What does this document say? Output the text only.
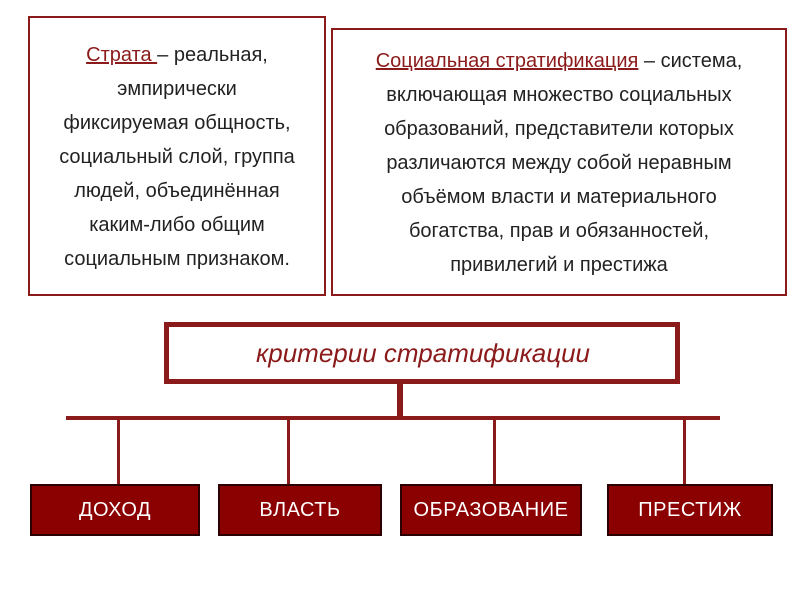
Страта – реальная,
эмпирически
фиксируемая общность,
социальный слой, группа
людей, объединённая
каким-либо общим
социальным признаком.
Социальная стратификация – система,
включающая множество социальных
образований, представители которых
различаются между собой неравным
объёмом власти и материального
богатства, прав и обязанностей,
привилегий и престижа
критерии стратификации
ДОХОД	ВЛАСТЬ	ОБРАЗОВАНИЕ	ПРЕСТИЖ
